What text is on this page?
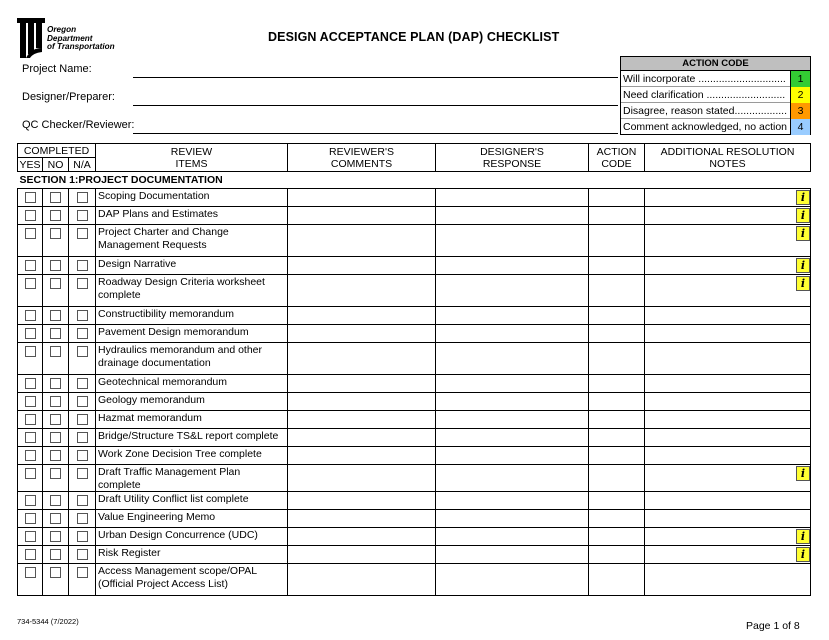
Oregon
Department
of Transportation
DESIGN ACCEPTANCE PLAN (DAP) CHECKLIST
Project Name:
Designer/Preparer:
QC Checker/Reviewer:
ACTION CODE
Will incorporate ..............................	1
Need clarification ...........................	2
Disagree, reason stated..................	3
Comment acknowledged, no action	4
COMPLETED			REVIEW ITEMS	REVIEWER'S COMMENTS	DESIGNER'S RESPONSE	ACTION CODE	ADDITIONAL RESOLUTION NOTES

YES	NO	N/A					
SECTION 1:PROJECT DOCUMENTATION							
			Scoping Documentation				i

			DAP Plans and Estimates				i

			Project Charter and Change Management Requests				i

			Design Narrative				i

			Roadway Design Criteria worksheet complete				i

			Constructibility memorandum				
			Pavement Design memorandum				
			Hydraulics memorandum and other drainage documentation				
			Geotechnical memorandum				
			Geology memorandum				
			Hazmat memorandum				
			Bridge/Structure TS&L report complete				
			Work Zone Decision Tree complete				
			Draft Traffic Management Plan complete				i

			Draft Utility Conflict list complete				
			Value Engineering Memo				
			Urban Design Concurrence (UDC)				i

			Risk Register				i

			Access Management scope/OPAL (Official Project Access List)				
734-5344 (7/2022)	Page 1 of 8
